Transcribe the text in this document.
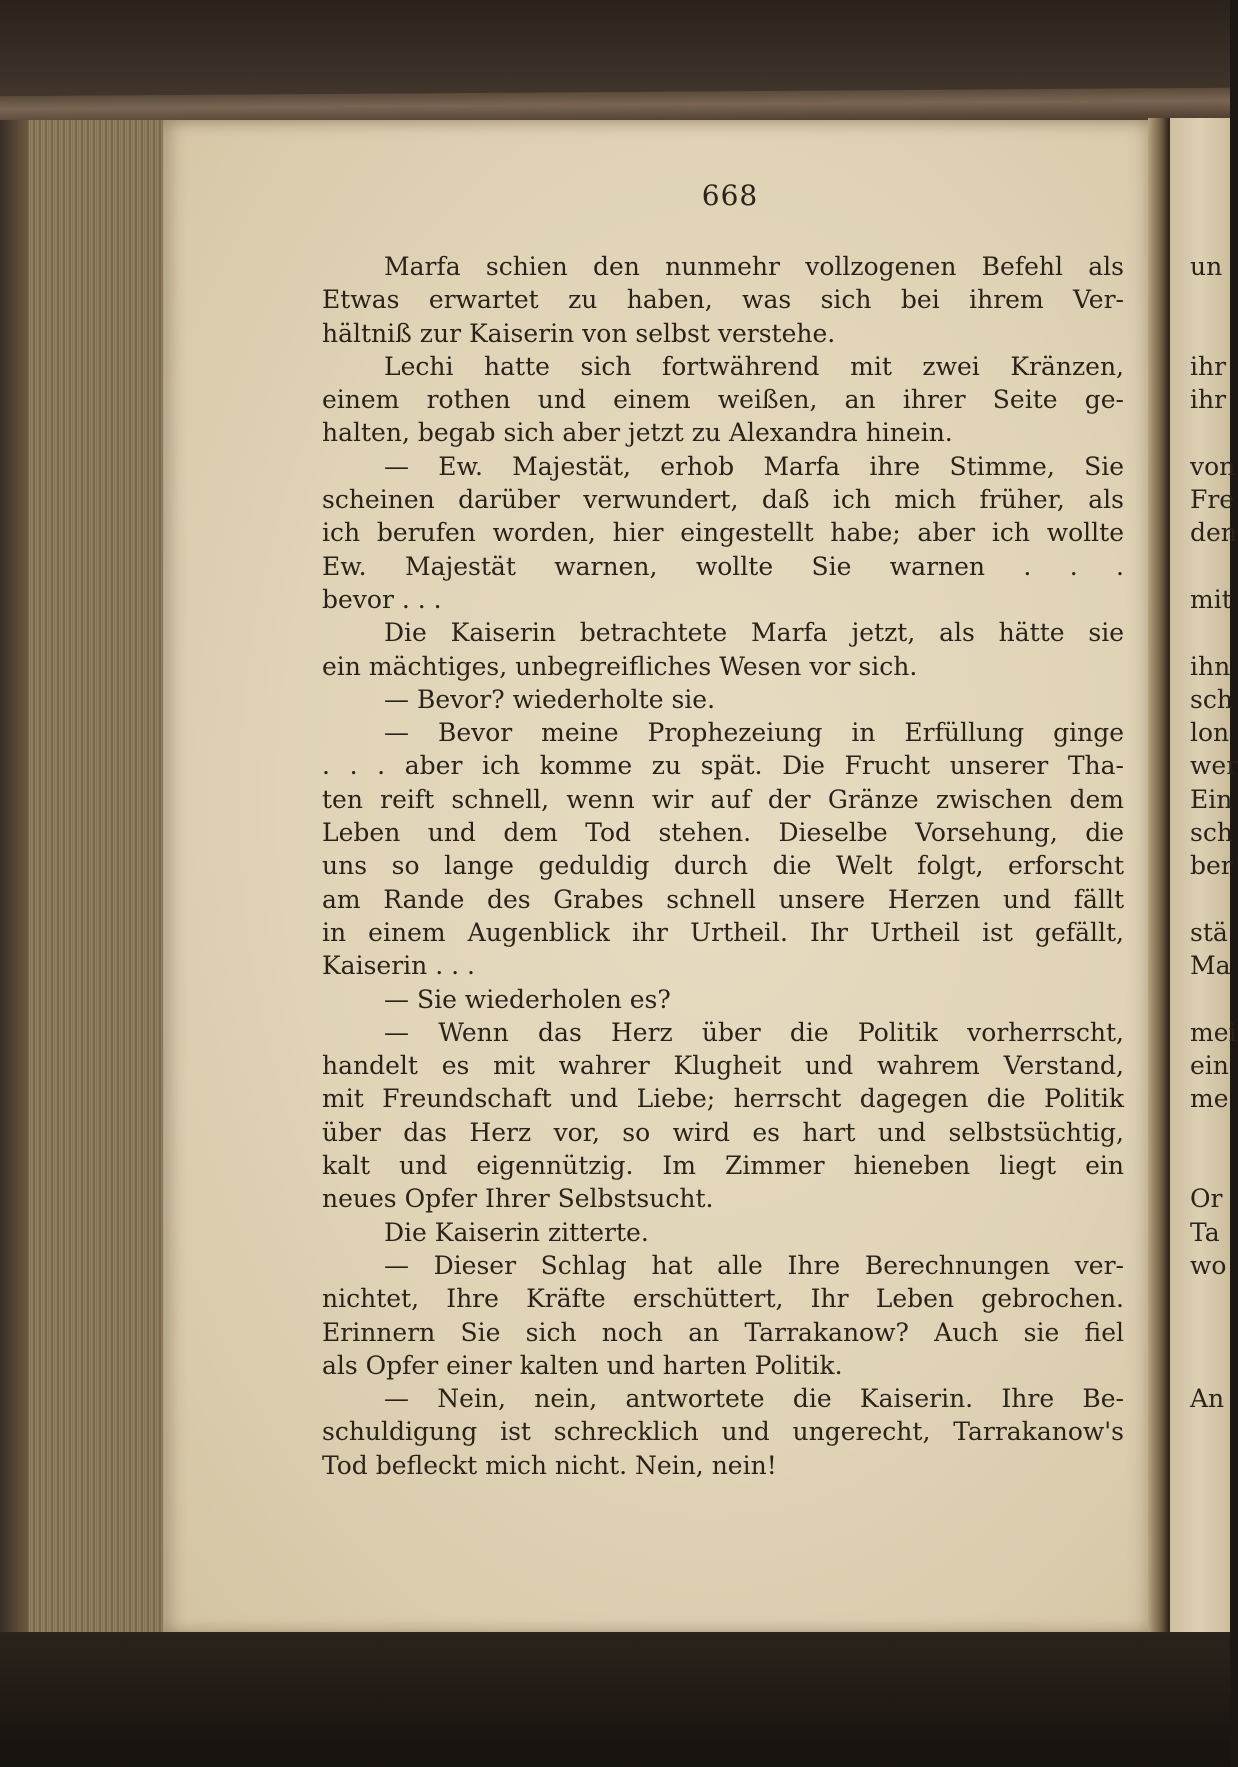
668
Marfa schien den nunmehr vollzogenen Befehl als
Etwas erwartet zu haben, was sich bei ihrem Ver-
hältniß zur Kaiserin von selbst verstehe.
Lechi hatte sich fortwährend mit zwei Kränzen,
einem rothen und einem weißen, an ihrer Seite ge-
halten, begab sich aber jetzt zu Alexandra hinein.
— Ew. Majestät, erhob Marfa ihre Stimme, Sie
scheinen darüber verwundert, daß ich mich früher, als
ich berufen worden, hier eingestellt habe; aber ich wollte
Ew. Majestät warnen, wollte Sie warnen . . .
bevor . . .
Die Kaiserin betrachtete Marfa jetzt, als hätte sie
ein mächtiges, unbegreifliches Wesen vor sich.
— Bevor? wiederholte sie.
— Bevor meine Prophezeiung in Erfüllung ginge
. . . aber ich komme zu spät. Die Frucht unserer Tha-
ten reift schnell, wenn wir auf der Gränze zwischen dem
Leben und dem Tod stehen. Dieselbe Vorsehung, die
uns so lange geduldig durch die Welt folgt, erforscht
am Rande des Grabes schnell unsere Herzen und fällt
in einem Augenblick ihr Urtheil. Ihr Urtheil ist gefällt,
Kaiserin . . .
— Sie wiederholen es?
— Wenn das Herz über die Politik vorherrscht,
handelt es mit wahrer Klugheit und wahrem Verstand,
mit Freundschaft und Liebe; herrscht dagegen die Politik
über das Herz vor, so wird es hart und selbstsüchtig,
kalt und eigennützig. Im Zimmer hieneben liegt ein
neues Opfer Ihrer Selbstsucht.
Die Kaiserin zitterte.
— Dieser Schlag hat alle Ihre Berechnungen ver-
nichtet, Ihre Kräfte erschüttert, Ihr Leben gebrochen.
Erinnern Sie sich noch an Tarrakanow? Auch sie fiel
als Opfer einer kalten und harten Politik.
— Nein, nein, antwortete die Kaiserin. Ihre Be-
schuldigung ist schrecklich und ungerecht, Tarrakanow's
Tod befleckt mich nicht. Nein, nein!
un
ihr
ihr
von
Fre
den
mit
ihn
sch
lon
wer
Ein
sch
ber
stä
Ma
mei
ein
me
Or
Ta
wo
An
